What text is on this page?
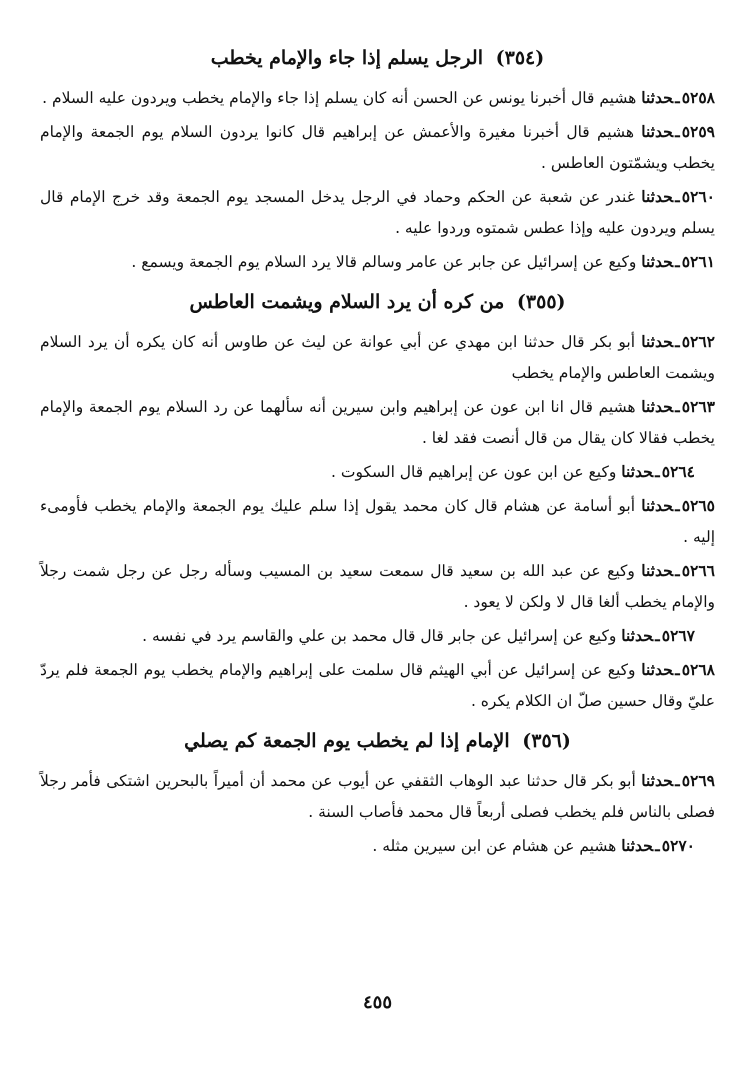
(٣٥٤) الرجل يسلم إذا جاء والإمام يخطب

٥٢٥٨ـحدثنا هشيم قال أخبرنا يونس عن الحسن أنه كان يسلم إذا جاء والإمام يخطب ويردون عليه السلام .

٥٢٥٩ـحدثنا هشيم قال أخبرنا مغيرة والأعمش عن إبراهيم قال كانوا يردون السلام يوم الجمعة والإمام يخطب ويشمّتون العاطس .

٥٢٦٠ـحدثنا غندر عن شعبة عن الحكم وحماد في الرجل يدخل المسجد يوم الجمعة وقد خرج الإمام قال يسلم ويردون عليه وإذا عطس شمتوه وردوا عليه .

٥٢٦١ـحدثنا وكيع عن إسرائيل عن جابر عن عامر وسالم قالا يرد السلام يوم الجمعة ويسمع .

(٣٥٥) من كره أن يرد السلام ويشمت العاطس

٥٢٦٢ـحدثنا أبو بكر قال حدثنا ابن مهدي عن أبي عوانة عن ليث عن طاوس أنه كان يكره أن يرد السلام ويشمت العاطس والإمام يخطب

٥٢٦٣ـحدثنا هشيم قال انا ابن عون عن إبراهيم وابن سيرين أنه سألهما عن رد السلام يوم الجمعة والإمام يخطب فقالا كان يقال من قال أنصت فقد لغا .

٥٢٦٤ـحدثنا وكيع عن ابن عون عن إبراهيم قال السكوت .

٥٢٦٥ـحدثنا أبو أسامة عن هشام قال كان محمد يقول إذا سلم عليك يوم الجمعة والإمام يخطب فأومىء إليه .

٥٢٦٦ـحدثنا وكيع عن عبد الله بن سعيد قال سمعت سعيد بن المسيب وسأله رجل عن رجل شمت رجلاً والإمام يخطب ألغا قال لا ولكن لا يعود .

٥٢٦٧ـحدثنا وكيع عن إسرائيل عن جابر قال قال محمد بن علي والقاسم يرد في نفسه .

٥٢٦٨ـحدثنا وكيع عن إسرائيل عن أبي الهيثم قال سلمت على إبراهيم والإمام يخطب يوم الجمعة فلم يردّ عليّ وقال حسين صلّ ان الكلام يكره .

(٣٥٦) الإمام إذا لم يخطب يوم الجمعة كم يصلي

٥٢٦٩ـحدثنا أبو بكر قال حدثنا عبد الوهاب الثقفي عن أيوب عن محمد أن أميراً بالبحرين اشتكى فأمر رجلاً فصلى بالناس فلم يخطب فصلى أربعاً قال محمد فأصاب السنة .

٥٢٧٠ـحدثنا هشيم عن هشام عن ابن سيرين مثله .

٤٥٥
